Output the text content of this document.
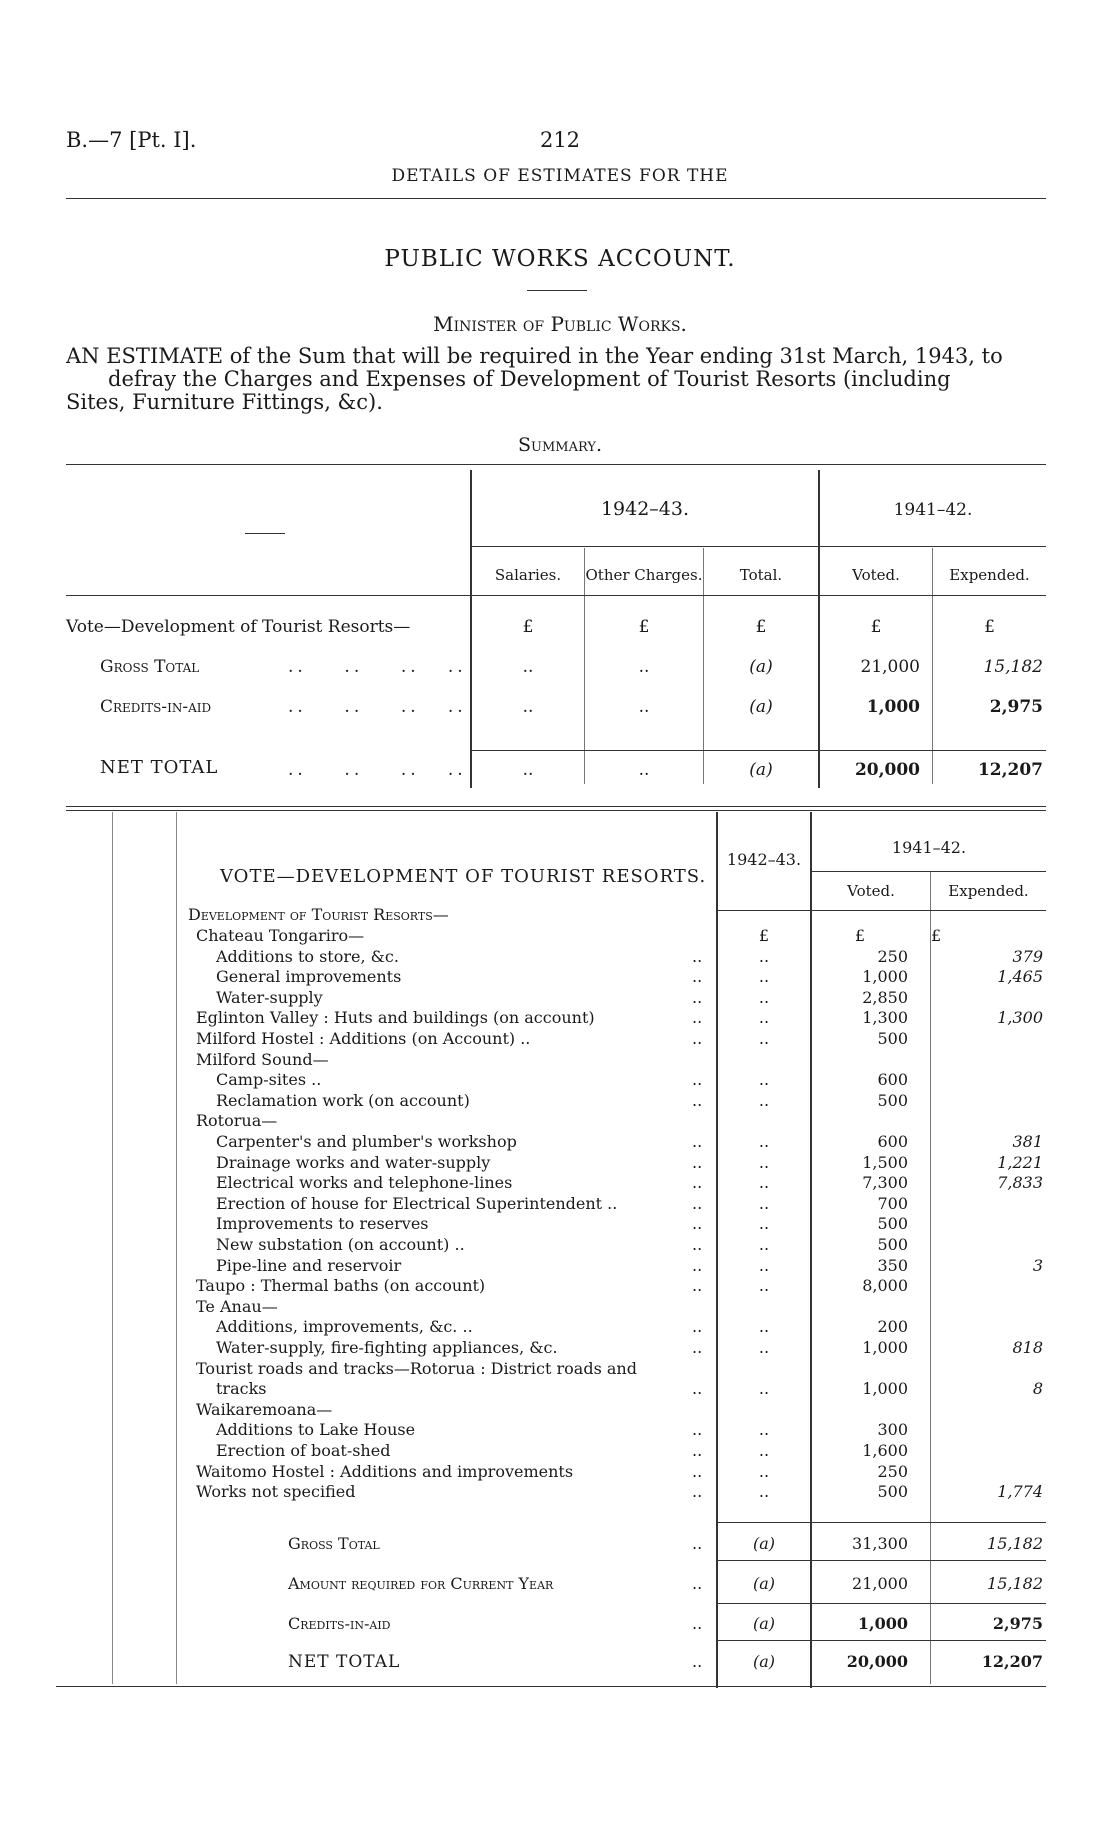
B.—7 [Pt. I].	212
DETAILS OF ESTIMATES FOR THE
PUBLIC WORKS ACCOUNT.
Minister of Public Works.
AN ESTIMATE of the Sum that will be required in the Year ending 31st March, 1943, to
defray the Charges and Expenses of Development of Tourist Resorts (including
Sites, Furniture Fittings, &c).
Summary.
1942–43.	1941–42.
Salaries.	Other Charges.	Total.	Voted.	Expended.
Vote—Development of Tourist Resorts—	£	£	£	£	£
Gross Total	..    ..    ..   ..	..	..	(a)	21,000	15,182
Credits-in-aid	..    ..    ..   ..	..	..	(a)	1,000	2,975
NET TOTAL	..    ..    ..   ..	..	..	(a)	20,000	12,207
VOTE—DEVELOPMENT OF TOURIST RESORTS.
1942–43.
1941–42.
Voted.	Expended.
Development of Tourist Resorts—
Chateau Tongariro—	£	£	£
Additions to store, &c.	..	..	250	379
General improvements	..	..	1,000	1,465
Water-supply	..	..	2,850
Eglinton Valley : Huts and buildings (on account)	..	..	1,300	1,300
Milford Hostel : Additions (on Account) ..	..	..	500
Milford Sound—
Camp-sites ..	..	..	600
Reclamation work (on account)	..	..	500
Rotorua—
Carpenter's and plumber's workshop	..	..	600	381
Drainage works and water-supply	..	..	1,500	1,221
Electrical works and telephone-lines	..	..	7,300	7,833
Erection of house for Electrical Superintendent ..	..	..	700
Improvements to reserves	..	..	500
New substation (on account) ..	..	..	500
Pipe-line and reservoir	..	..	350	3
Taupo : Thermal baths (on account)	..	..	8,000
Te Anau—
Additions, improvements, &c. ..	..	..	200
Water-supply, fire-fighting appliances, &c.	..	..	1,000	818
Tourist roads and tracks—Rotorua : District roads and
tracks	..	..	1,000	8
Waikaremoana—
Additions to Lake House	..	..	300
Erection of boat-shed	..	..	1,600
Waitomo Hostel : Additions and improvements	..	..	250
Works not specified	..	..	500	1,774
Gross Total	..	(a)	31,300	15,182
Amount required for Current Year	..	(a)	21,000	15,182
Credits-in-aid	..	(a)	1,000	2,975
NET TOTAL	..	(a)	20,000	12,207
